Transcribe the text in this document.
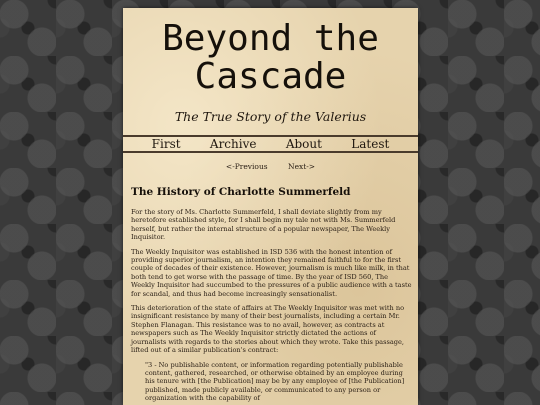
Beyond the
Cascade
The True Story of the Valerius
First Archive About Latest
<-Previous	Next->
The History of Charlotte Summerfeld

For the story of Ms. Charlotte Summerfeld, I shall deviate slightly from my heretofore established style, for I shall begin my tale not with Ms. Summerfeld herself, but rather the internal structure of a popular newspaper, The Weekly Inquisitor.

The Weekly Inquisitor was established in ISD 536 with the honest intention of providing superior journalism, an intention they remained faithful to for the first couple of decades of their existence. However, journalism is much like milk, in that both tend to get worse with the passage of time. By the year of ISD 560, The Weekly Inquisitor had succumbed to the pressures of a public audience with a taste for scandal, and thus had become increasingly sensationalist.

This deterioration of the state of affairs at The Weekly Inquisitor was met with no insignificant resistance by many of their best journalists, including a certain Mr. Stephen Flanagan. This resistance was to no avail, however, as contracts at newspapers such as The Weekly Inquisitor strictly dictated the actions of journalists with regards to the stories about which they wrote. Take this passage, lifted out of a similar publication's contract:

"3 - No publishable content, or information regarding potentially publishable content, gathered, researched, or otherwise obtained by an employee during his tenure with [the Publication] may be by any employee of [the Publication] published, made publicly available, or communicated to any person or organization with the capability of
